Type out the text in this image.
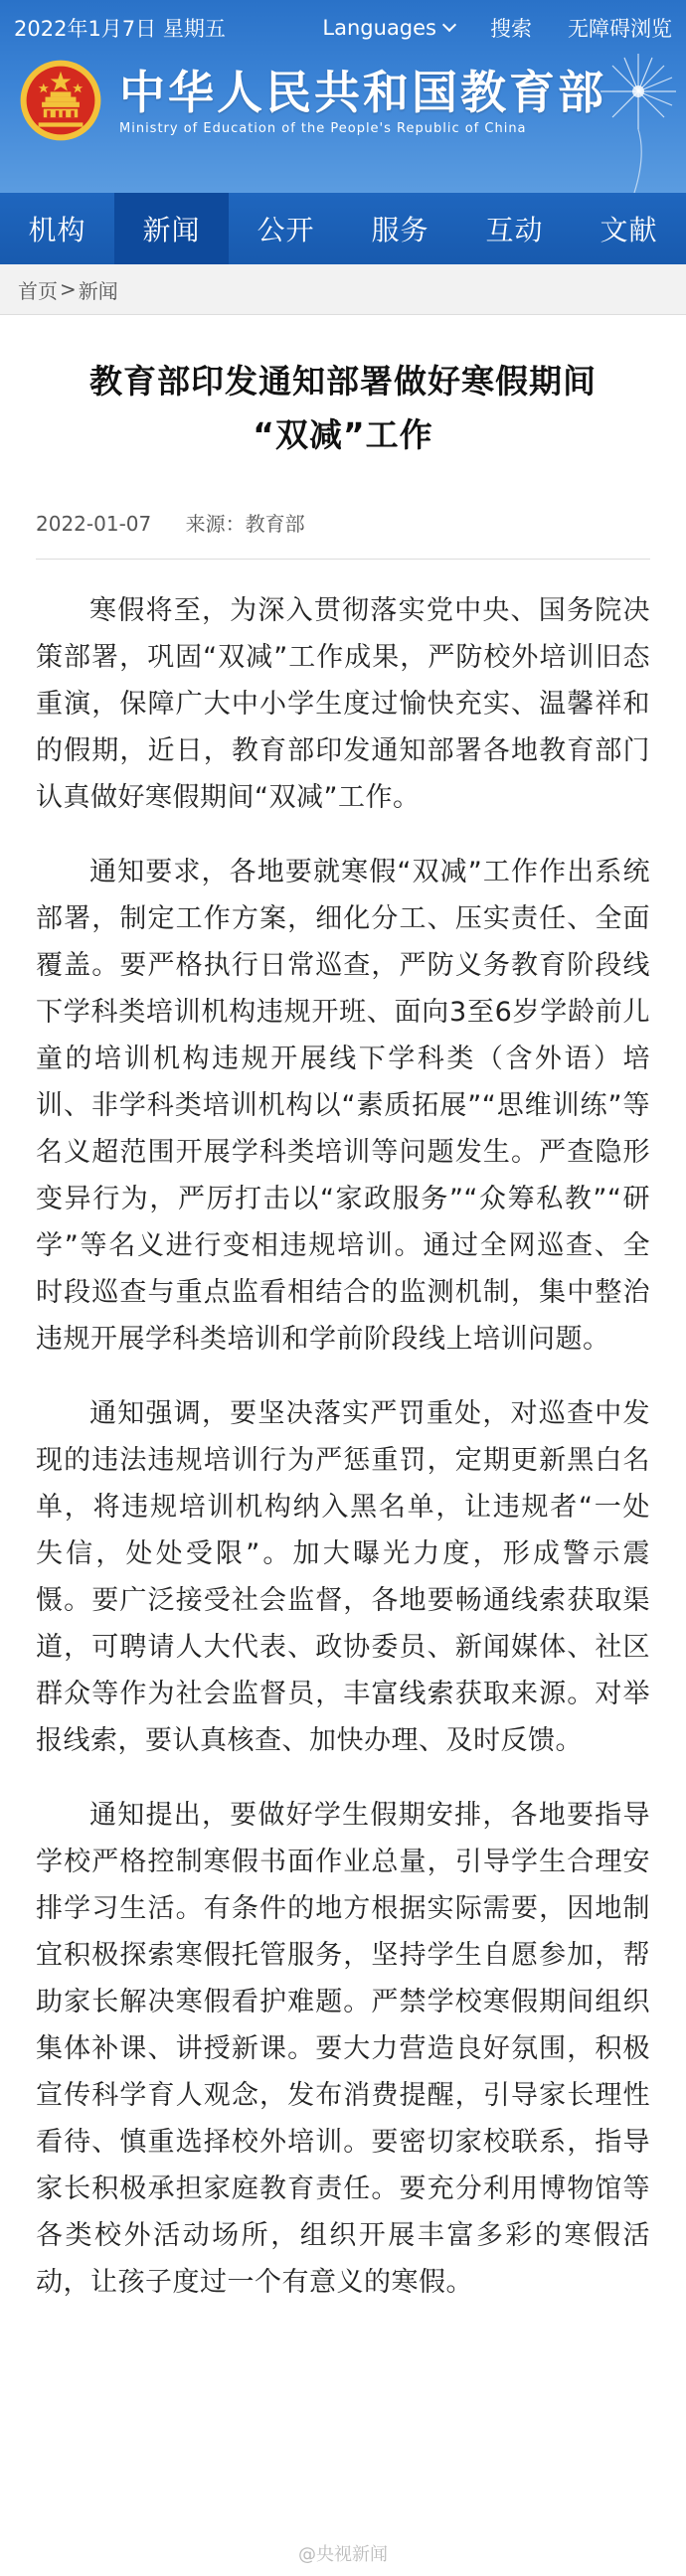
2022年1月7日 星期五	Languages	搜索 无障碍浏览
中华人民共和国教育部
Ministry of Education of the People's Republic of China
机构	新闻	公开	服务	互动	文献
首页 > 新闻
教育部印发通知部署做好寒假期间
“双减”工作
2022-01-07 来源：教育部

寒假将至，为深入贯彻落实党中央、国务院决策部署，巩固“双减”工作成果，严防校外培训旧态重演，保障广大中小学生度过愉快充实、温馨祥和的假期，近日，教育部印发通知部署各地教育部门认真做好寒假期间“双减”工作。

通知要求，各地要就寒假“双减”工作作出系统部署，制定工作方案，细化分工、压实责任、全面覆盖。要严格执行日常巡查，严防义务教育阶段线下学科类培训机构违规开班、面向3至6岁学龄前儿童的培训机构违规开展线下学科类（含外语）培训、非学科类培训机构以“素质拓展”“思维训练”等名义超范围开展学科类培训等问题发生。严查隐形变异行为，严厉打击以“家政服务”“众筹私教”“研学”等名义进行变相违规培训。通过全网巡查、全时段巡查与重点监看相结合的监测机制，集中整治违规开展学科类培训和学前阶段线上培训问题。

通知强调，要坚决落实严罚重处，对巡查中发现的违法违规培训行为严惩重罚，定期更新黑白名单，将违规培训机构纳入黑名单，让违规者“一处失信，处处受限”。加大曝光力度，形成警示震慑。要广泛接受社会监督，各地要畅通线索获取渠道，可聘请人大代表、政协委员、新闻媒体、社区群众等作为社会监督员，丰富线索获取来源。对举报线索，要认真核查、加快办理、及时反馈。

通知提出，要做好学生假期安排，各地要指导学校严格控制寒假书面作业总量，引导学生合理安排学习生活。有条件的地方根据实际需要，因地制宜积极探索寒假托管服务，坚持学生自愿参加，帮助家长解决寒假看护难题。严禁学校寒假期间组织集体补课、讲授新课。要大力营造良好氛围，积极宣传科学育人观念，发布消费提醒，引导家长理性看待、慎重选择校外培训。要密切家校联系，指导家长积极承担家庭教育责任。要充分利用博物馆等各类校外活动场所，组织开展丰富多彩的寒假活动，让孩子度过一个有意义的寒假。

@央视新闻
